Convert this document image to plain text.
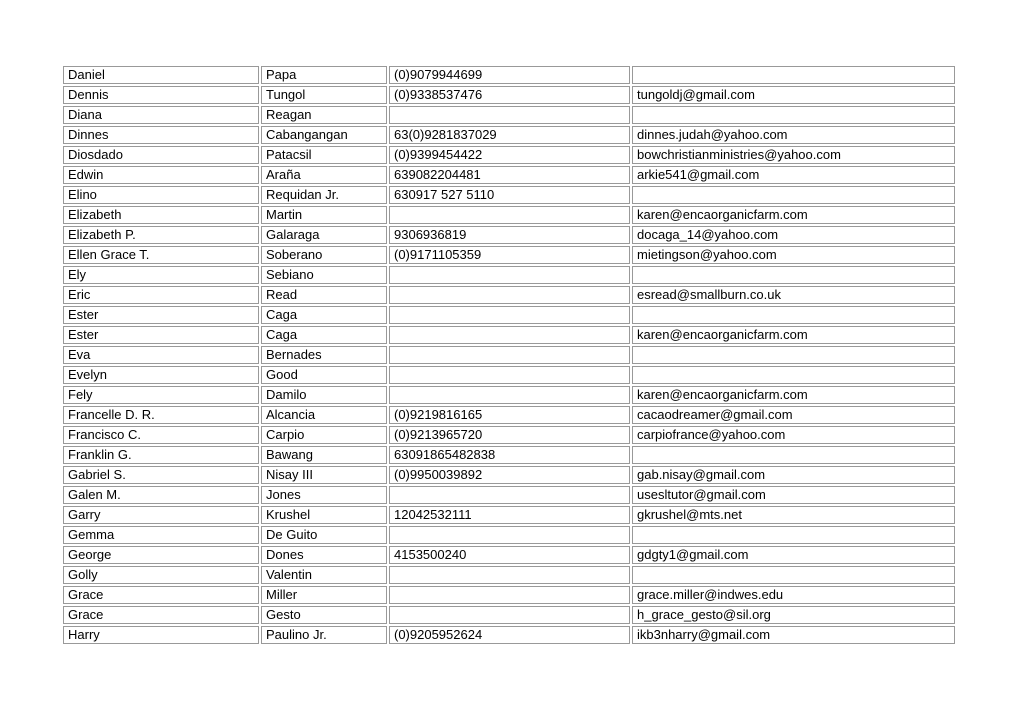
Daniel	Papa	(0)9079944699	
Dennis	Tungol	(0)9338537476	tungoldj@gmail.com
Diana	Reagan		
Dinnes	Cabangangan	63(0)9281837029	dinnes.judah@yahoo.com
Diosdado	Patacsil	(0)9399454422	bowchristianministries@yahoo.com
Edwin	Araña	639082204481	arkie541@gmail.com
Elino	Requidan Jr.	630917 527 5110	
Elizabeth	Martin		karen@encaorganicfarm.com
Elizabeth P.	Galaraga	9306936819	docaga_14@yahoo.com
Ellen Grace T.	Soberano	(0)9171105359	mietingson@yahoo.com
Ely	Sebiano		
Eric	Read		esread@smallburn.co.uk
Ester	Caga		
Ester	Caga		karen@encaorganicfarm.com
Eva	Bernades		
Evelyn	Good		
Fely	Damilo		karen@encaorganicfarm.com
Francelle D. R.	Alcancia	(0)9219816165	cacaodreamer@gmail.com
Francisco C.	Carpio	(0)9213965720	carpiofrance@yahoo.com
Franklin G.	Bawang	63091865482838	
Gabriel S.	Nisay III	(0)9950039892	gab.nisay@gmail.com
Galen M.	Jones		usesltutor@gmail.com
Garry	Krushel	12042532111	gkrushel@mts.net
Gemma	De Guito		
George	Dones	4153500240	gdgty1@gmail.com
Golly	Valentin		
Grace	Miller		grace.miller@indwes.edu
Grace	Gesto		h_grace_gesto@sil.org
Harry	Paulino Jr.	(0)9205952624	ikb3nharry@gmail.com
